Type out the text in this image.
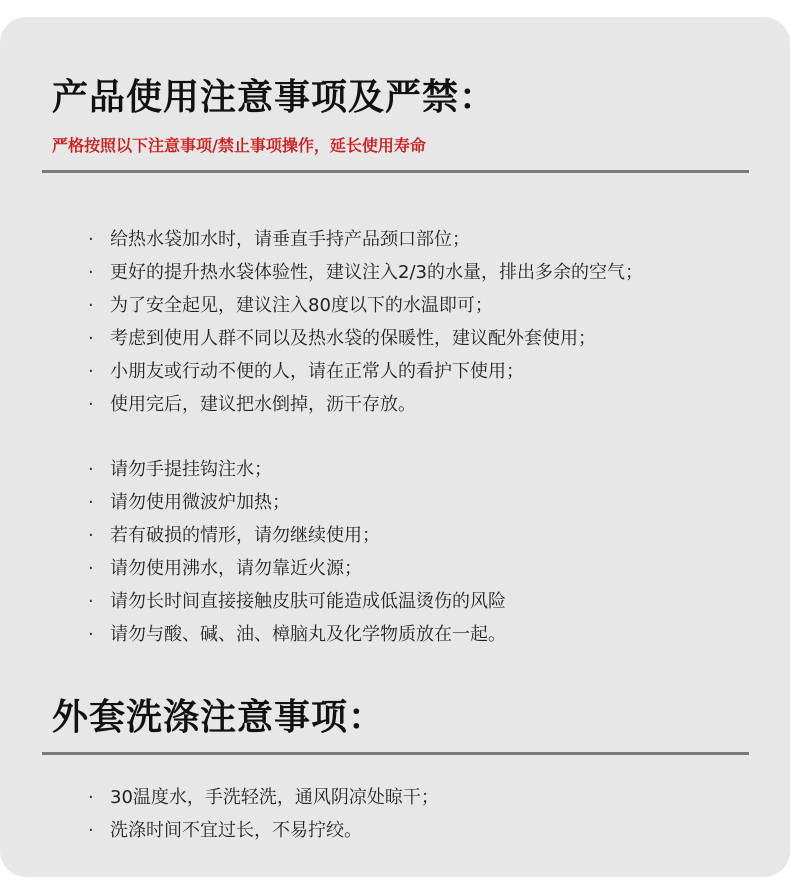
产品使用注意事项及严禁：

严格按照以下注意事项/禁止事项操作，延长使用寿命

· 给热水袋加水时，请垂直手持产品颈口部位；
· 更好的提升热水袋体验性，建议注入2/3的水量，排出多余的空气；
· 为了安全起见，建议注入80度以下的水温即可；
· 考虑到使用人群不同以及热水袋的保暖性，建议配外套使用；
· 小朋友或行动不便的人，请在正常人的看护下使用；
· 使用完后，建议把水倒掉，沥干存放。
· 请勿手提挂钩注水；
· 请勿使用微波炉加热；
· 若有破损的情形，请勿继续使用；
· 请勿使用沸水，请勿靠近火源；
· 请勿长时间直接接触皮肤可能造成低温烫伤的风险
· 请勿与酸、碱、油、樟脑丸及化学物质放在一起。
外套洗涤注意事项：
· 30温度水，手洗轻洗，通风阴凉处晾干；
· 洗涤时间不宜过长，不易拧绞。
